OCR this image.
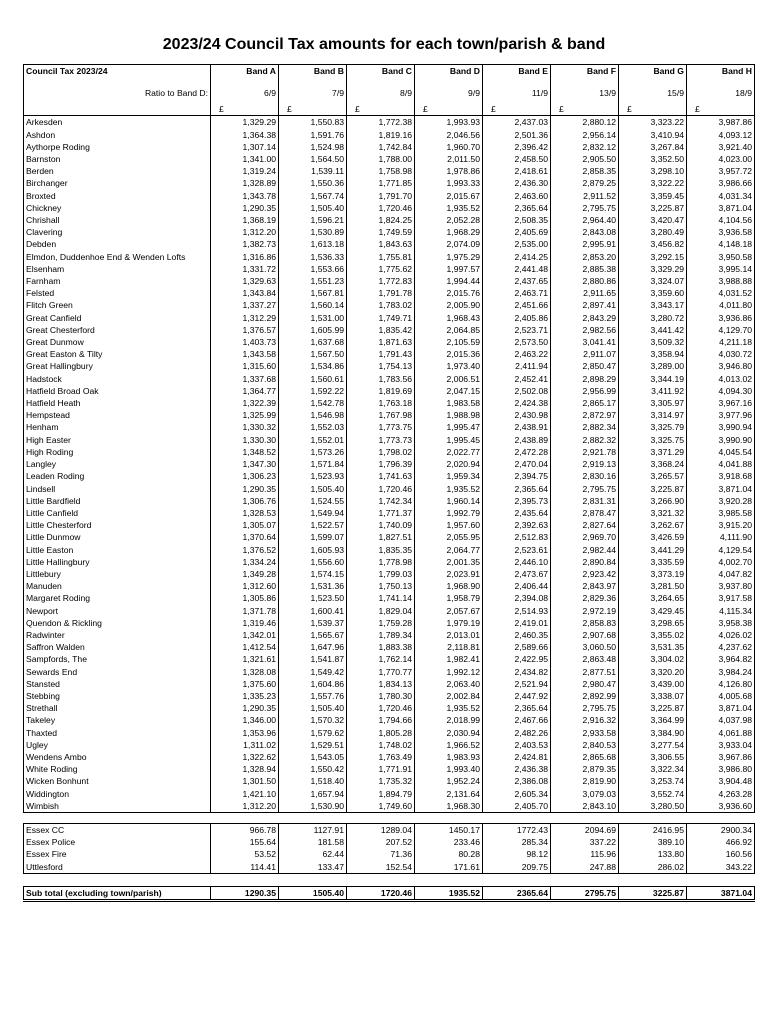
2023/24 Council Tax amounts for each town/parish & band
Council Tax 2023/24	Band A	Band B	Band C	Band D	Band E	Band F	Band G	Band H
Ratio to Band D:	6/9	7/9	8/9	9/9	11/9	13/9	15/9	18/9
	£	£	£	£	£	£	£	£
Arkesden	1,329.29	1,550.83	1,772.38	1,993.93	2,437.03	2,880.12	3,323.22	3,987.86
Ashdon	1,364.38	1,591.76	1,819.16	2,046.56	2,501.36	2,956.14	3,410.94	4,093.12
Aythorpe Roding	1,307.14	1,524.98	1,742.84	1,960.70	2,396.42	2,832.12	3,267.84	3,921.40
Barnston	1,341.00	1,564.50	1,788.00	2,011.50	2,458.50	2,905.50	3,352.50	4,023.00
Berden	1,319.24	1,539.11	1,758.98	1,978.86	2,418.61	2,858.35	3,298.10	3,957.72
Birchanger	1,328.89	1,550.36	1,771.85	1,993.33	2,436.30	2,879.25	3,322.22	3,986.66
Broxted	1,343.78	1,567.74	1,791.70	2,015.67	2,463.60	2,911.52	3,359.45	4,031.34
Chickney	1,290.35	1,505.40	1,720.46	1,935.52	2,365.64	2,795.75	3,225.87	3,871.04
Chrishall	1,368.19	1,596.21	1,824.25	2,052.28	2,508.35	2,964.40	3,420.47	4,104.56
Clavering	1,312.20	1,530.89	1,749.59	1,968.29	2,405.69	2,843.08	3,280.49	3,936.58
Debden	1,382.73	1,613.18	1,843.63	2,074.09	2,535.00	2,995.91	3,456.82	4,148.18
Elmdon, Duddenhoe End & Wenden Lofts	1,316.86	1,536.33	1,755.81	1,975.29	2,414.25	2,853.20	3,292.15	3,950.58
Elsenham	1,331.72	1,553.66	1,775.62	1,997.57	2,441.48	2,885.38	3,329.29	3,995.14
Farnham	1,329.63	1,551.23	1,772.83	1,994.44	2,437.65	2,880.86	3,324.07	3,988.88
Felsted	1,343.84	1,567.81	1,791.78	2,015.76	2,463.71	2,911.65	3,359.60	4,031.52
Flitch Green	1,337.27	1,560.14	1,783.02	2,005.90	2,451.66	2,897.41	3,343.17	4,011.80
Great Canfield	1,312.29	1,531.00	1,749.71	1,968.43	2,405.86	2,843.29	3,280.72	3,936.86
Great Chesterford	1,376.57	1,605.99	1,835.42	2,064.85	2,523.71	2,982.56	3,441.42	4,129.70
Great Dunmow	1,403.73	1,637.68	1,871.63	2,105.59	2,573.50	3,041.41	3,509.32	4,211.18
Great Easton & Tilty	1,343.58	1,567.50	1,791.43	2,015.36	2,463.22	2,911.07	3,358.94	4,030.72
Great Hallingbury	1,315.60	1,534.86	1,754.13	1,973.40	2,411.94	2,850.47	3,289.00	3,946.80
Hadstock	1,337.68	1,560.61	1,783.56	2,006.51	2,452.41	2,898.29	3,344.19	4,013.02
Hatfield Broad Oak	1,364.77	1,592.22	1,819.69	2,047.15	2,502.08	2,956.99	3,411.92	4,094.30
Hatfield Heath	1,322.39	1,542.78	1,763.18	1,983.58	2,424.38	2,865.17	3,305.97	3,967.16
Hempstead	1,325.99	1,546.98	1,767.98	1,988.98	2,430.98	2,872.97	3,314.97	3,977.96
Henham	1,330.32	1,552.03	1,773.75	1,995.47	2,438.91	2,882.34	3,325.79	3,990.94
High Easter	1,330.30	1,552.01	1,773.73	1,995.45	2,438.89	2,882.32	3,325.75	3,990.90
High Roding	1,348.52	1,573.26	1,798.02	2,022.77	2,472.28	2,921.78	3,371.29	4,045.54
Langley	1,347.30	1,571.84	1,796.39	2,020.94	2,470.04	2,919.13	3,368.24	4,041.88
Leaden Roding	1,306.23	1,523.93	1,741.63	1,959.34	2,394.75	2,830.16	3,265.57	3,918.68
Lindsell	1,290.35	1,505.40	1,720.46	1,935.52	2,365.64	2,795.75	3,225.87	3,871.04
Little Bardfield	1,306.76	1,524.55	1,742.34	1,960.14	2,395.73	2,831.31	3,266.90	3,920.28
Little Canfield	1,328.53	1,549.94	1,771.37	1,992.79	2,435.64	2,878.47	3,321.32	3,985.58
Little Chesterford	1,305.07	1,522.57	1,740.09	1,957.60	2,392.63	2,827.64	3,262.67	3,915.20
Little Dunmow	1,370.64	1,599.07	1,827.51	2,055.95	2,512.83	2,969.70	3,426.59	4,111.90
Little Easton	1,376.52	1,605.93	1,835.35	2,064.77	2,523.61	2,982.44	3,441.29	4,129.54
Little Hallingbury	1,334.24	1,556.60	1,778.98	2,001.35	2,446.10	2,890.84	3,335.59	4,002.70
Littlebury	1,349.28	1,574.15	1,799.03	2,023.91	2,473.67	2,923.42	3,373.19	4,047.82
Manuden	1,312.60	1,531.36	1,750.13	1,968.90	2,406.44	2,843.97	3,281.50	3,937.80
Margaret Roding	1,305.86	1,523.50	1,741.14	1,958.79	2,394.08	2,829.36	3,264.65	3,917.58
Newport	1,371.78	1,600.41	1,829.04	2,057.67	2,514.93	2,972.19	3,429.45	4,115.34
Quendon & Rickling	1,319.46	1,539.37	1,759.28	1,979.19	2,419.01	2,858.83	3,298.65	3,958.38
Radwinter	1,342.01	1,565.67	1,789.34	2,013.01	2,460.35	2,907.68	3,355.02	4,026.02
Saffron Walden	1,412.54	1,647.96	1,883.38	2,118.81	2,589.66	3,060.50	3,531.35	4,237.62
Sampfords, The	1,321.61	1,541.87	1,762.14	1,982.41	2,422.95	2,863.48	3,304.02	3,964.82
Sewards End	1,328.08	1,549.42	1,770.77	1,992.12	2,434.82	2,877.51	3,320.20	3,984.24
Stansted	1,375.60	1,604.86	1,834.13	2,063.40	2,521.94	2,980.47	3,439.00	4,126.80
Stebbing	1,335.23	1,557.76	1,780.30	2,002.84	2,447.92	2,892.99	3,338.07	4,005.68
Strethall	1,290.35	1,505.40	1,720.46	1,935.52	2,365.64	2,795.75	3,225.87	3,871.04
Takeley	1,346.00	1,570.32	1,794.66	2,018.99	2,467.66	2,916.32	3,364.99	4,037.98
Thaxted	1,353.96	1,579.62	1,805.28	2,030.94	2,482.26	2,933.58	3,384.90	4,061.88
Ugley	1,311.02	1,529.51	1,748.02	1,966.52	2,403.53	2,840.53	3,277.54	3,933.04
Wendens Ambo	1,322.62	1,543.05	1,763.49	1,983.93	2,424.81	2,865.68	3,306.55	3,967.86
White Roding	1,328.94	1,550.42	1,771.91	1,993.40	2,436.38	2,879.35	3,322.34	3,986.80
Wicken Bonhunt	1,301.50	1,518.40	1,735.32	1,952.24	2,386.08	2,819.90	3,253.74	3,904.48
Widdington	1,421.10	1,657.94	1,894.79	2,131.64	2,605.34	3,079.03	3,552.74	4,263.28
Wimbish	1,312.20	1,530.90	1,749.60	1,968.30	2,405.70	2,843.10	3,280.50	3,936.60

Essex CC	966.78	1127.91	1289.04	1450.17	1772.43	2094.69	2416.95	2900.34
Essex Police	155.64	181.58	207.52	233.46	285.34	337.22	389.10	466.92
Essex Fire	53.52	62.44	71.36	80.28	98.12	115.96	133.80	160.56
Uttlesford	114.41	133.47	152.54	171.61	209.75	247.88	286.02	343.22

Sub total (excluding town/parish)	1290.35	1505.40	1720.46	1935.52	2365.64	2795.75	3225.87	3871.04
